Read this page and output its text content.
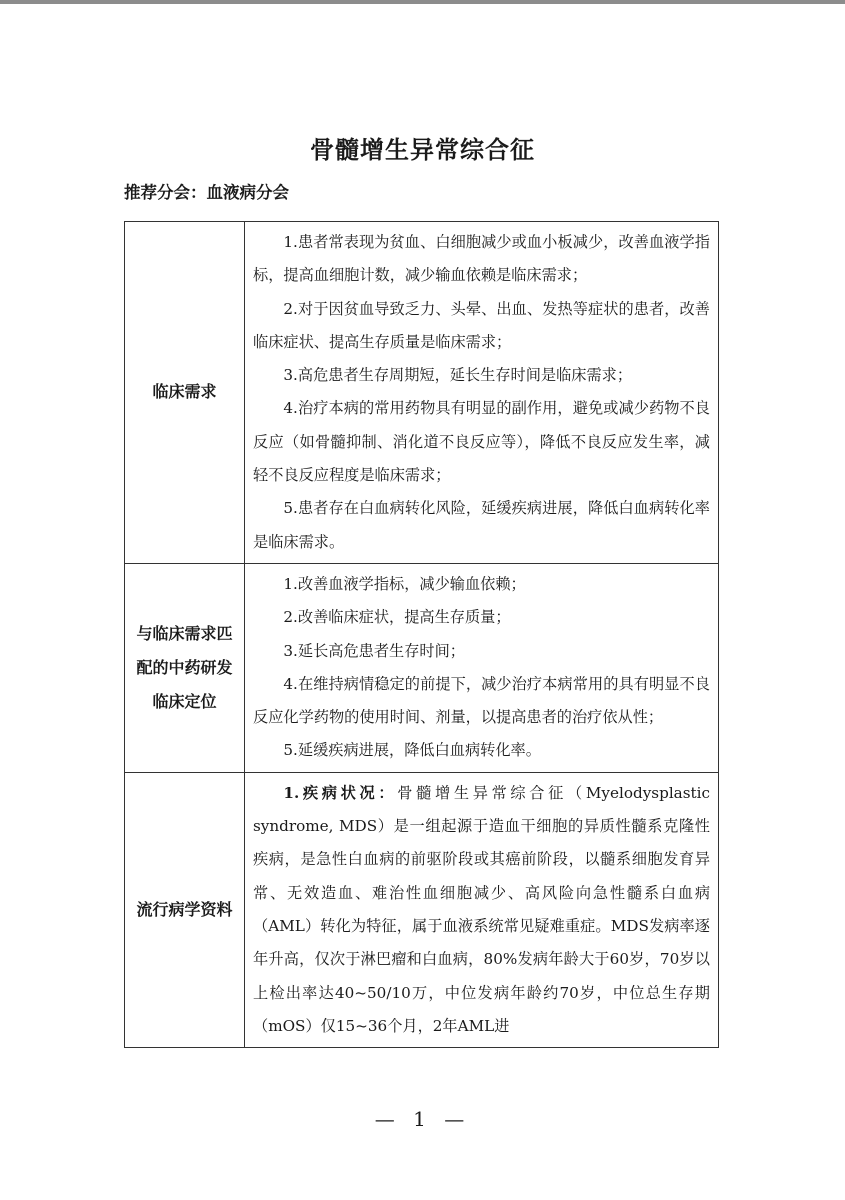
骨髓增生异常综合征
推荐分会：血液病分会
临床需求	1.患者常表现为贫血、白细胞减少或血小板减少，改善血液学指标，提高血细胞计数，减少输血依赖是临床需求；

2.对于因贫血导致乏力、头晕、出血、发热等症状的患者，改善临床症状、提高生存质量是临床需求；

3.高危患者生存周期短，延长生存时间是临床需求；

4.治疗本病的常用药物具有明显的副作用，避免或减少药物不良反应（如骨髓抑制、消化道不良反应等），降低不良反应发生率，减轻不良反应程度是临床需求；

5.患者存在白血病转化风险，延缓疾病进展，降低白血病转化率是临床需求。

与临床需求匹配的中药研发临床定位	1.改善血液学指标，减少输血依赖；

2.改善临床症状，提高生存质量；

3.延长高危患者生存时间；

4.在维持病情稳定的前提下，减少治疗本病常用的具有明显不良反应化学药物的使用时间、剂量，以提高患者的治疗依从性；

5.延缓疾病进展，降低白血病转化率。

流行病学资料	1.疾病状况：骨髓增生异常综合征（Myelodysplastic syndrome, MDS）是一组起源于造血干细胞的异质性髓系克隆性疾病，是急性白血病的前驱阶段或其癌前阶段，以髓系细胞发育异常、无效造血、难治性血细胞减少、高风险向急性髓系白血病（AML）转化为特征，属于血液系统常见疑难重症。MDS发病率逐年升高，仅次于淋巴瘤和白血病，80%发病年龄大于60岁，70岁以上检出率达40~50/10万，中位发病年龄约70岁，中位总生存期（mOS）仅15~36个月，2年AML进

— 1 —
